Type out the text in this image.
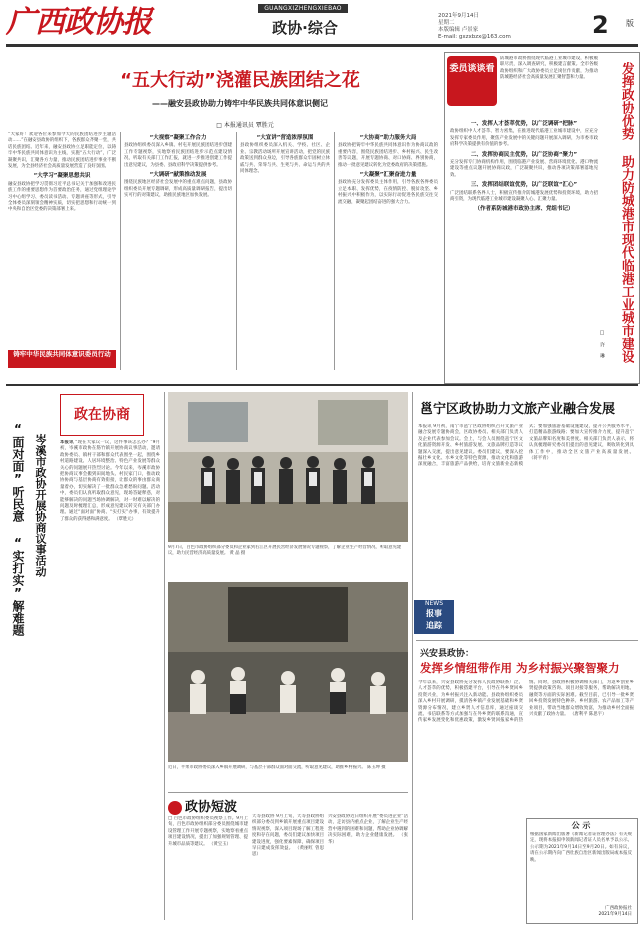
广西政协报	GUANGXIZHENGXIEBAO
政协·综合
2021年9月14日
星期二
本版编辑 卢景家
E-mail: gxzxbzx@163.com	2 版
“五大行动”浇灌民族团结之花
——融安县政协助力铸牢中华民族共同体意识侧记
□ 本报通讯员 覃胜元
“大家好！欢迎各位来参加今天的民族团结进步主题活动……”在融安县政协的组织下，各族群众齐聚一堂，共话民族团结。近年来，融安县政协立足职能定位，以铸牢中华民族共同体意识为主线，实施“五大行动”，广泛凝聚共识，汇聚各方力量，推动民族团结进步事业不断发展，为全县经济社会高质量发展营造了良好氛围。
“大学习”凝聚思想共识
融安县政协把学习贯彻习近平总书记关于加强和改进民族工作的重要思想作为首要政治任务，通过党组理论学习中心组学习、委员读书活动、专题讲座等形式，引导全体委员深刻领会精神实质，切实把思想和行动统一到中央和自治区党委的决策部署上来。
铸牢中华民族共同体意识委员行动
“大视察”凝聚工作合力
县政协组织委员深入乡镇、村屯开展民族团结进步创建工作专题视察，实地察看民族团结进步示范点建设情况，听取有关部门工作汇报，就进一步推进创建工作提出意见建议，为县委、县政府科学决策提供参考。
“大调研”献策推动发展
围绕民族地区经济社会发展中的重点难点问题，县政协组织委员开展专题调研，形成高质量调研报告，提出切实可行的对策建议，助推民族地区加快发展。
“大宣讲”营造浓厚氛围
县政协组织委员深入机关、学校、社区、企业、宗教活动场所开展宣讲活动，把党的民族政策送到群众身边，引导各族群众牢固树立休戚与共、荣辱与共、生死与共、命运与共的共同体理念。
“大协商”助力服务大局
县政协把铸牢中华民族共同体意识作为协商议政的重要内容，围绕民族团结进步、乡村振兴、民生改善等议题，开展专题协商、对口协商、界别协商，推动一批意见建议转化为党委政府的决策措施。
“大凝聚”汇聚奋进力量
县政协充分发挥委员主体作用，引导各族各界委员立足本职、发挥优势，在疫情防控、脱贫攻坚、乡村振兴中积极作为，以实际行动促进各民族交往交流交融，凝聚起团结奋进的强大合力。
委员谈谈看
防城港市政协围绕现代临港工业城市建设，积极履职尽责，深入调查研究，积极建言献策。全市各级政协组织和广大政协委员立足岗位作贡献，为推动防城港经济社会高质量发展汇聚智慧和力量。
一、发挥人才荟萃优势，以广泛调研“把脉”
政协组织中人才荟萃、智力密集，在推进现代临港工业城市建设中，应充分发挥专家委员作用，聚焦产业发展中的关键问题开展深入调研，为市委市政府科学决策提供有价值的参考。
二、发挥协商民主优势，以广泛协商“聚力”
充分发挥专门协商机构作用，围绕临港产业发展、营商环境优化、港口物流建设等重点议题开展协商议政，广泛凝聚共识，推动各项决策部署落地见效。
三、发挥团结联谊优势，以广泛联谊“汇心”
广泛团结联系各界人士，积极宣传推介防城港发展优势和投资环境，助力招商引资，为现代临港工业城市建设凝聚人心、汇聚力量。
（作者系防城港市政协主席、党组书记）	发挥政协优势 助力防城港市现代临港工业城市建设
□ 许 琳
岑溪市政协开展协商议事活动
“面对面”听民意 “实打实”解难题
政在协商
本报讯 “现在大家议一议，这件事该怎么办？”9月初，岑溪市政协在筋竹镇开展协商议事活动，邀请政协委员、镇村干部和群众代表围坐一起，围绕乡村道路建设、人居环境整治、特色产业发展等群众关心的问题展开热烈讨论。今年以来，岑溪市政协把协商议事会搬到田间地头、村民家门口，推动政协协商与基层协商有效衔接，让群众的事由群众商量着办，切实解决了一批群众急难愁盼问题。活动中，委员们认真听取群众意见，现场答疑释惑，对能够解决的问题当场协调解决，对一时难以解决的问题及时梳理汇总，形成意见建议转交有关部门办理。通过“面对面”协商、“实打实”办事，有效提升了群众的获得感和满意度。 （覃胜元）
9月7日，百色市政协组织部分委员和企业家到右江区开展民营经济发展情况专题视察，了解企业生产经营情况，听取意见建议，助力民营经济高质量发展。 黄 晶 摄
近日，平果市政协委员深入乡镇开展调研，与基层干部群众面对面交流，听取意见建议，助推乡村振兴。 陈玉坤 摄
政协短波
□ 百色市政协组织委员视察工作。9月上旬，百色市政协组织部分委员围绕城市建设管理工作开展专题视察，实地察看重点项目建设情况，提出了加强规划管理、提升城市品质等建议。 （黄宝玉）
天等县政协 9月上旬，天等县政协组织部分委员到乡镇开展重点项目建设情况视察，深入项目现场了解工程进度和存在问题，委员们建议加快项目建设进度，强化要素保障，确保项目早日建成发挥效益。 （黄丽红 曾思思）
兴安县政协近日组织开展“委员进企业”活动，走访县内重点企业，了解企业生产经营中遇到的困难和问题，帮助企业协调解决实际困难，助力企业健康发展。 （张 华）
邕宁区政协助力文旅产业融合发展
本报讯 9月初，南宁市邕宁区政协组织召开文旅产业融合发展专题协商会，区政协委员、相关部门负责人及企业代表参加会议。会上，与会人员围绕邕宁区文化旅游资源开发、乡村旅游发展、文旅品牌打造等议题深入交流，提出意见建议。委员们建议，要深入挖掘壮乡文化、水乡文化等特色资源，推动文化和旅游深度融合，丰富旅游产品供给，培育文旅新业态新模式；要加强旅游基础设施建设，提升公共服务水平，打造精品旅游线路；要加大宣传推介力度，提升邕宁文旅品牌知名度和美誉度。相关部门负责人表示，将认真梳理研究委员们提出的意见建议，吸收转化到具体工作中，推动全区文旅产业高质量发展。 （蒋平青）
NEWS
报事
追踪
兴安县政协：
发挥乡情纽带作用 为乡村振兴聚智聚力
今年以来，兴安县政协充分发挥人民政协联系广泛、人才荟萃的优势，积极搭建平台，引导在外乡贤回乡投资兴业，为乡村振兴注入新动能。县政协组织委员深入乡村开展调研，摸清各乡镇产业发展基础和乡贤资源分布情况，建立乡贤人才信息库，通过座谈交流、书信联系等方式加强与在外乡贤的联系沟通，宣传家乡发展变化和优惠政策，激发乡贤回报家乡的热情。同时，县政协积极协调相关部门，为返乡创业乡贤提供政策咨询、项目对接等服务，帮助解决用地、融资等方面的实际困难。截至目前，已引导一批乡贤回乡投资发展特色种养、乡村旅游、农产品加工等产业项目，带动当地群众增收致富，为推动乡村全面振兴贡献了政协力量。 （唐利平 陈思宇）
公 示
根据国家新闻出版署《新闻记者证管理办法》有关规定，现将本报拟申领新闻记者证人员名单予以公示。公示期为2021年9月14日至9月20日。如有异议，请在公示期内向广西壮族自治区新闻出版局或本报反映。
广西政协报社
2021年9月14日
